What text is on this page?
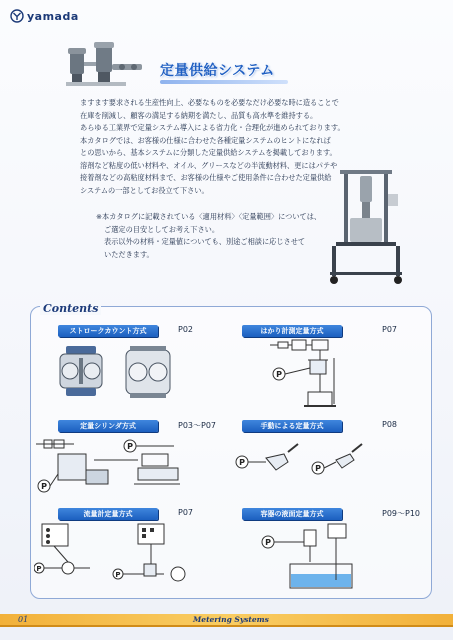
yamada
定量供給システム

ますます要求される生産性向上、必要なものを必要なだけ必要な時に造ることで

在庫を削減し、顧客の満足する納期を満たし、品質も高水準を維持する。

あらゆる工業界で定量システム導入による省力化・合理化が進められております。

本カタログでは、お客様の仕様に合わせた各種定量システムのヒントになれば

との思いから、基本システムに分類した定量供給システムを掲載しております。

溶剤など粘度の低い材料や、オイル、グリースなどの半流動材料、更にはパテや

接着剤などの高粘度材料まで、お客様の仕様やご使用条件に合わせた定量供給

システムの一部としてお役立て下さい。

※本カタログに記載されている〈適用材料〉〈定量範囲〉については、

ご選定の目安としてお考え下さい。

表示以外の材料・定量値についても、別途ご相談に応じさせて

いただきます。

Contents
ストロークカウント方式	P02	はかり計測定量方式	P07
P
定量シリンダ方式	P03～P07
P
P
手動による定量方式	P08
P
P
流量計定量方式	P07
P
P
容器の液面定量方式	P09～P10
P
01	Metering Systems
